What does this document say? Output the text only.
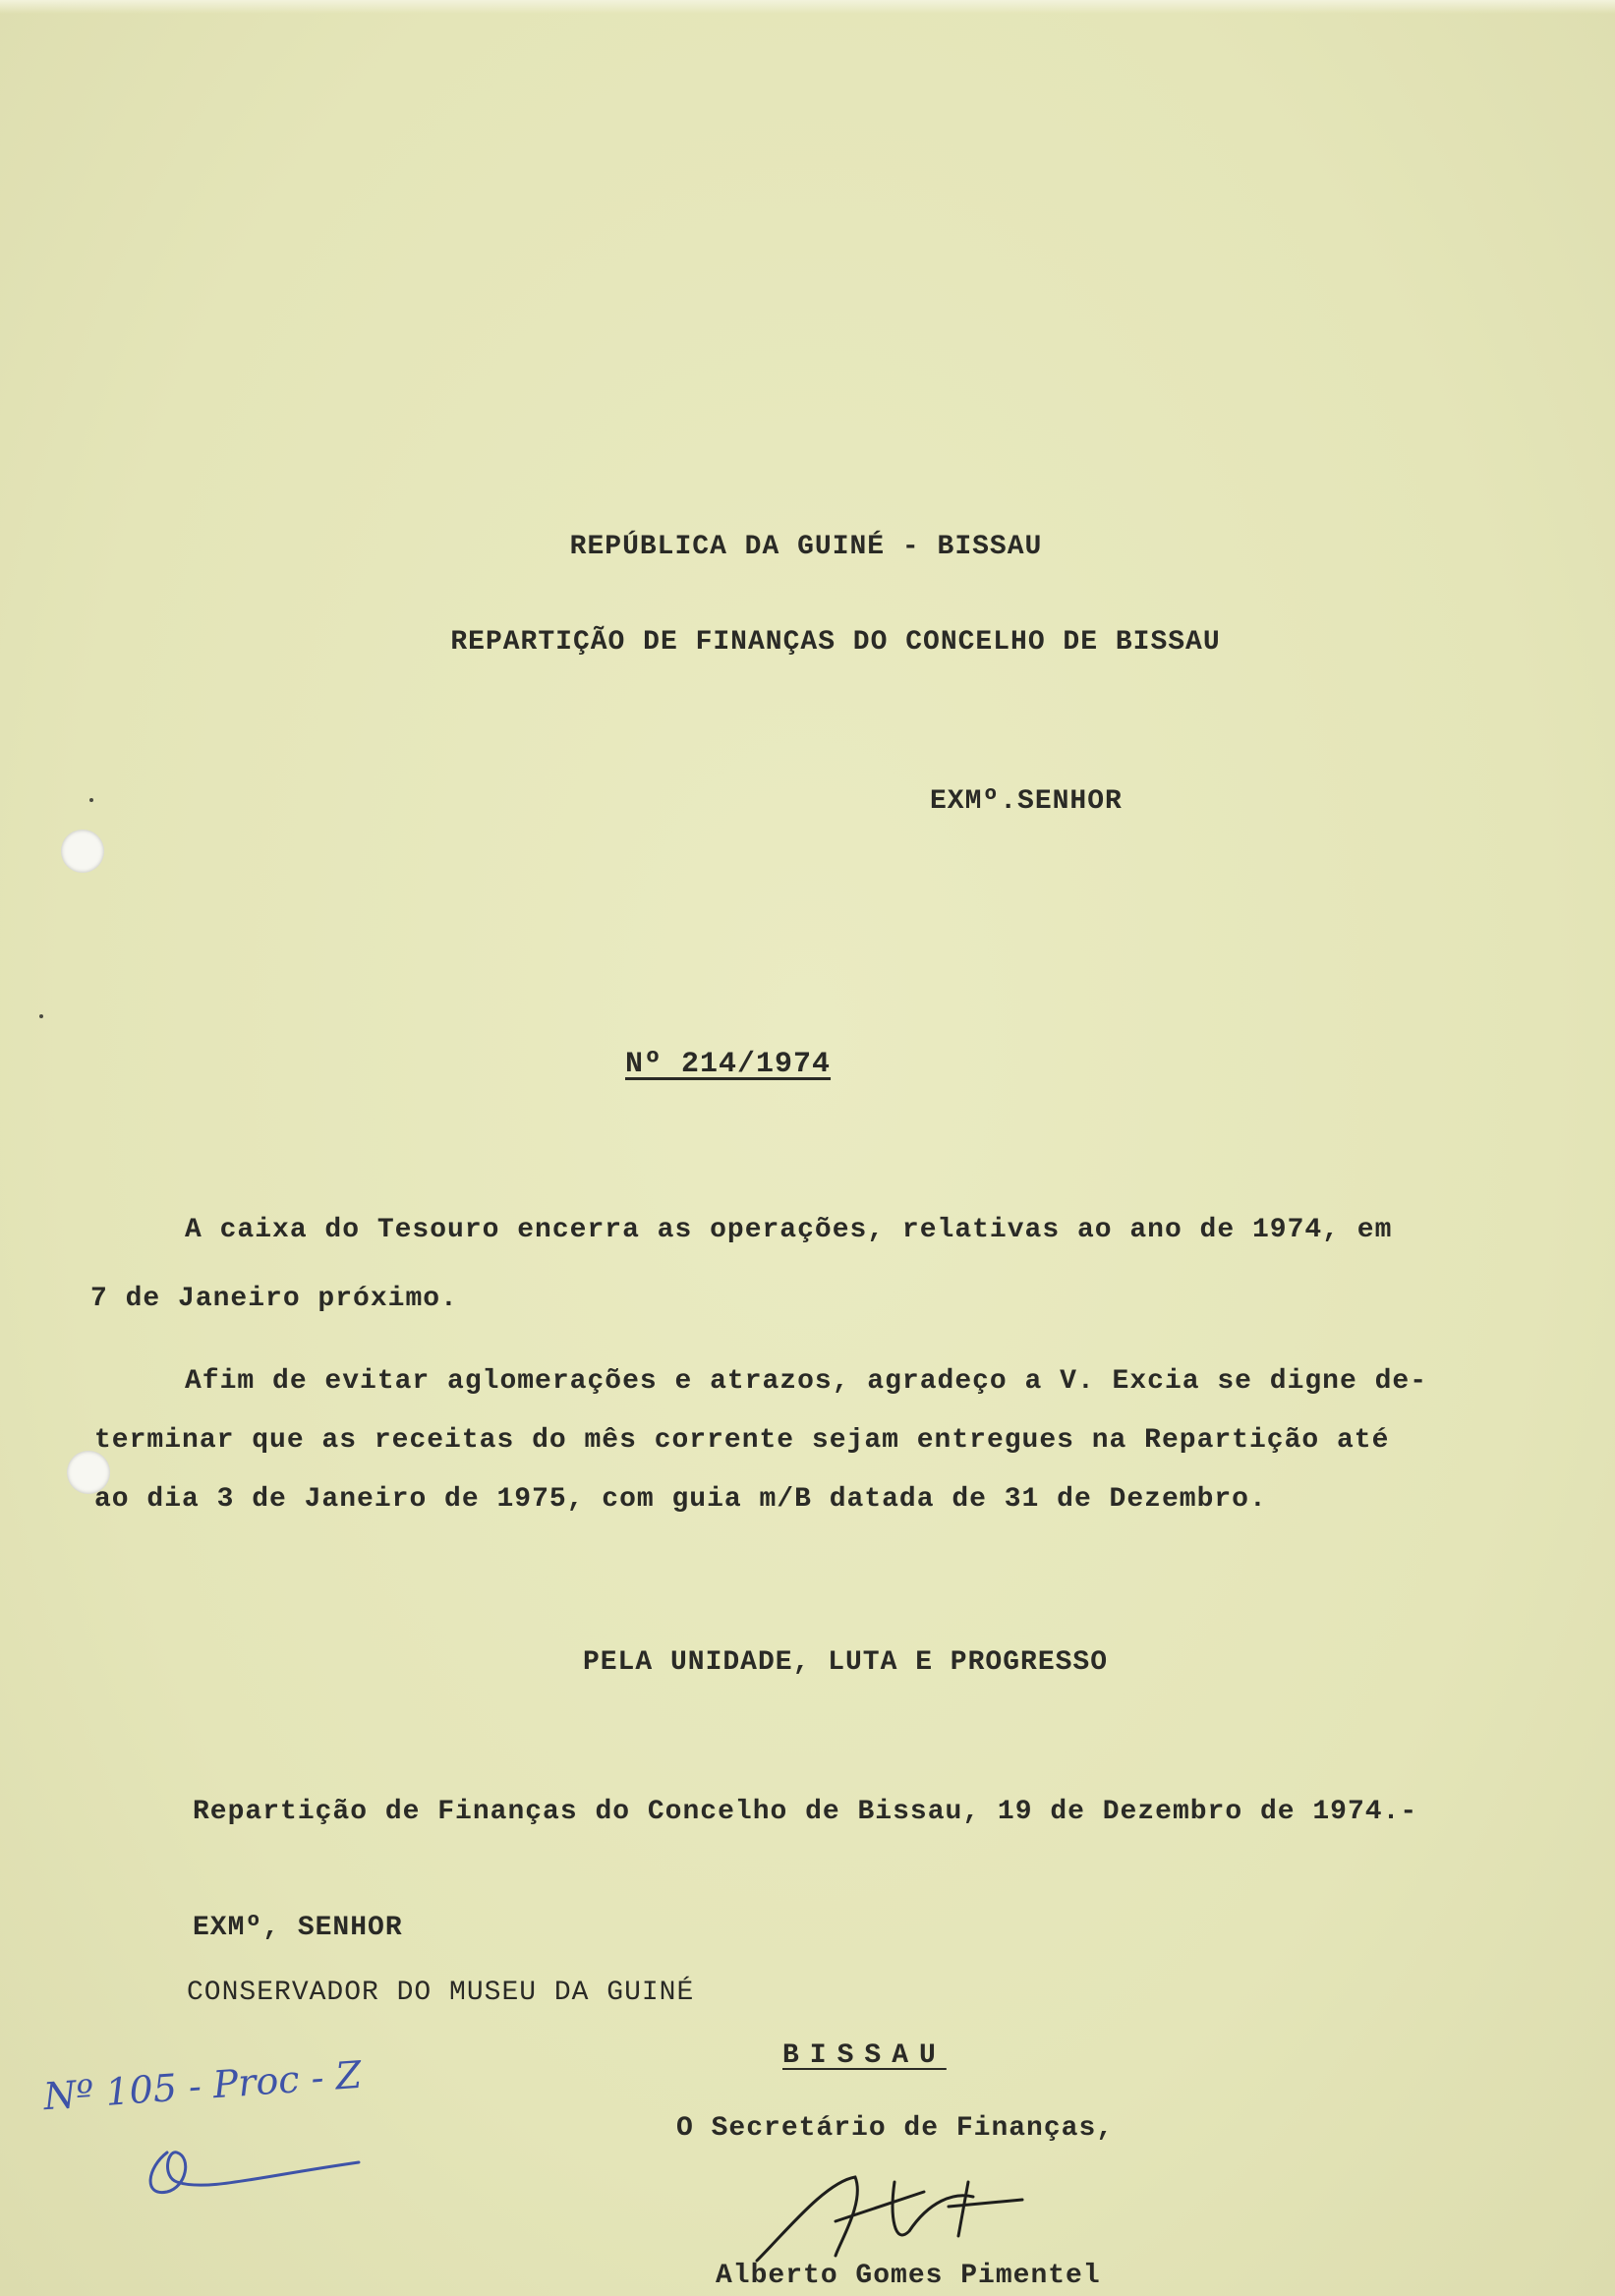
REPÚBLICA DA GUINÉ - BISSAU
REPARTIÇÃO DE FINANÇAS DO CONCELHO DE BISSAU
EXMº.SENHOR
Nº 214/1974
A caixa do Tesouro encerra as operações, relativas ao ano de 1974, em
7 de Janeiro próximo.
Afim de evitar aglomerações e atrazos, agradeço a V. Excia se digne de-
terminar que as receitas do mês corrente sejam entregues na Repartição até
ao dia 3 de Janeiro de 1975, com guia m/B datada de 31 de Dezembro.
PELA UNIDADE, LUTA E PROGRESSO
Repartição de Finanças do Concelho de Bissau, 19 de Dezembro de 1974.-
EXMº, SENHOR
CONSERVADOR DO MUSEU DA GUINÉ
BISSAU
O Secretário de Finanças,
Alberto Gomes Pimentel
Nº 105 - Proc - Z
